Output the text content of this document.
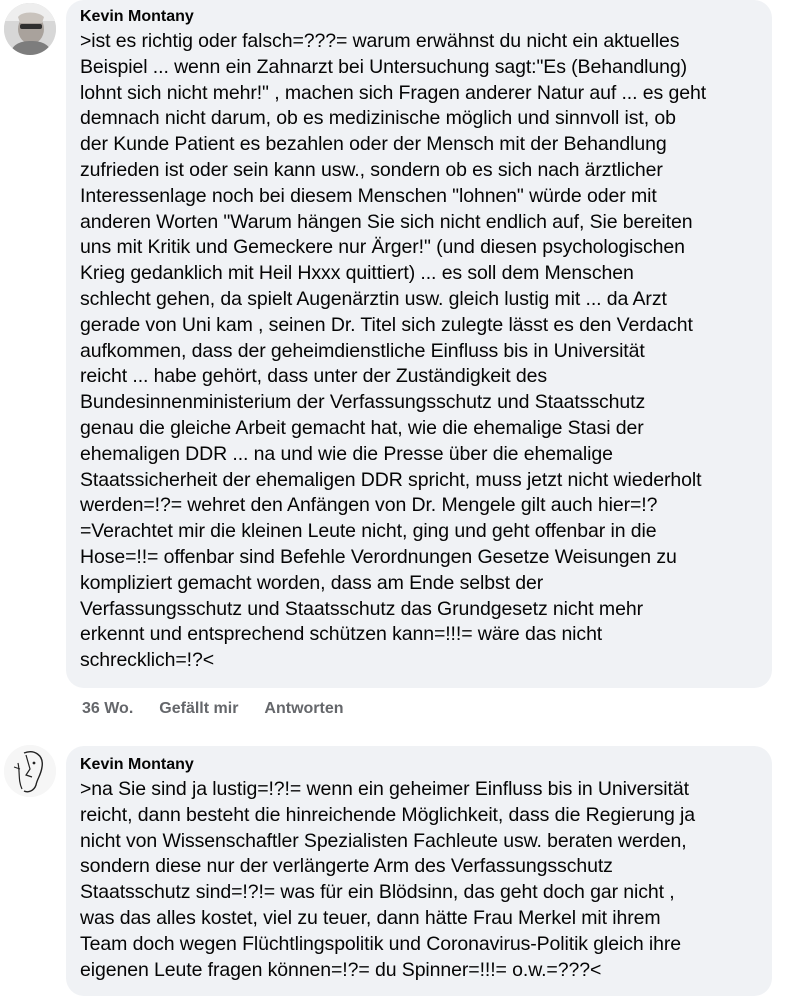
Kevin Montany
>ist es richtig oder falsch=???= warum erwähnst du nicht ein aktuelles
Beispiel ... wenn ein Zahnarzt bei Untersuchung sagt:"Es (Behandlung)
lohnt sich nicht mehr!" , machen sich Fragen anderer Natur auf ... es geht
demnach nicht darum, ob es medizinische möglich und sinnvoll ist, ob
der Kunde Patient es bezahlen oder der Mensch mit der Behandlung
zufrieden ist oder sein kann usw., sondern ob es sich nach ärztlicher
Interessenlage noch bei diesem Menschen "lohnen" würde oder mit
anderen Worten "Warum hängen Sie sich nicht endlich auf, Sie bereiten
uns mit Kritik und Gemeckere nur Ärger!" (und diesen psychologischen
Krieg gedanklich mit Heil Hxxx quittiert) ... es soll dem Menschen
schlecht gehen, da spielt Augenärztin usw. gleich lustig mit ... da Arzt
gerade von Uni kam , seinen Dr. Titel sich zulegte lässt es den Verdacht
aufkommen, dass der geheimdienstliche Einfluss bis in Universität
reicht ... habe gehört, dass unter der Zuständigkeit des
Bundesinnenministerium der Verfassungsschutz und Staatsschutz
genau die gleiche Arbeit gemacht hat, wie die ehemalige Stasi der
ehemaligen DDR ... na und wie die Presse über die ehemalige
Staatssicherheit der ehemaligen DDR spricht, muss jetzt nicht wiederholt
werden=!?= wehret den Anfängen von Dr. Mengele gilt auch hier=!?
=Verachtet mir die kleinen Leute nicht, ging und geht offenbar in die
Hose=!!= offenbar sind Befehle Verordnungen Gesetze Weisungen zu
kompliziert gemacht worden, dass am Ende selbst der
Verfassungsschutz und Staatsschutz das Grundgesetz nicht mehr
erkennt und entsprechend schützen kann=!!!= wäre das nicht
schrecklich=!?<
36 Wo. Gefällt mir Antworten
Kevin Montany
>na Sie sind ja lustig=!?!= wenn ein geheimer Einfluss bis in Universität
reicht, dann besteht die hinreichende Möglichkeit, dass die Regierung ja
nicht von Wissenschaftler Spezialisten Fachleute usw. beraten werden,
sondern diese nur der verlängerte Arm des Verfassungsschutz
Staatsschutz sind=!?!= was für ein Blödsinn, das geht doch gar nicht ,
was das alles kostet, viel zu teuer, dann hätte Frau Merkel mit ihrem
Team doch wegen Flüchtlingspolitik und Coronavirus-Politik gleich ihre
eigenen Leute fragen können=!?= du Spinner=!!!= o.w.=???<
